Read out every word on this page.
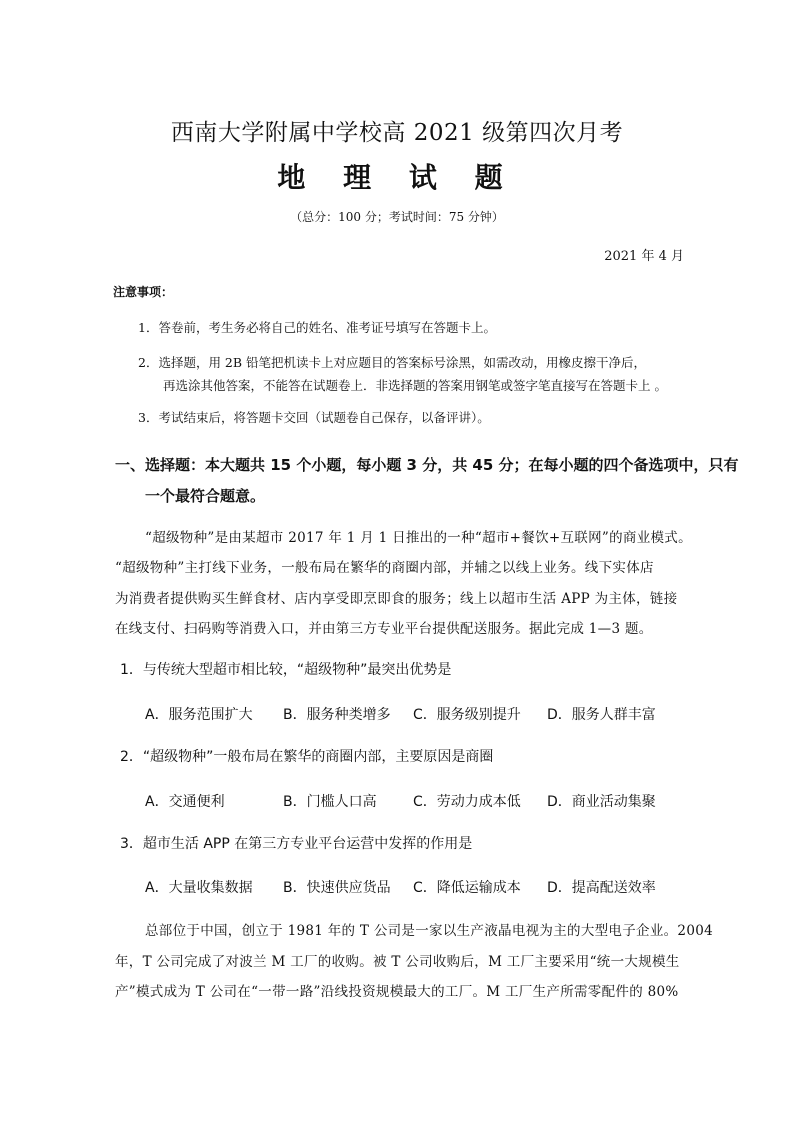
西南大学附属中学校高 2021 级第四次月考
地 理 试 题
（总分：100 分；考试时间：75 分钟）
2021 年 4 月
注意事项：
1．答卷前，考生务必将自己的姓名、准考证号填写在答题卡上。
2．选择题，用 2B 铅笔把机读卡上对应题目的答案标号涂黑，如需改动，用橡皮擦干净后，
再选涂其他答案，不能答在试题卷上．非选择题的答案用钢笔或签字笔直接写在答题卡上 。
3．考试结束后，将答题卡交回（试题卷自己保存，以备评讲）。
一、选择题：本大题共 15 个小题，每小题 3 分，共 45 分；在每小题的四个备选项中，只有
一个最符合题意。
“超级物种”是由某超市 2017 年 1 月 1 日推出的一种“超市+餐饮+互联网”的商业模式。
“超级物种”主打线下业务，一般布局在繁华的商圈内部，并辅之以线上业务。线下实体店
为消费者提供购买生鲜食材、店内享受即烹即食的服务；线上以超市生活 APP 为主体，链接
在线支付、扫码购等消费入口，并由第三方专业平台提供配送服务。据此完成 1—3 题。
1．与传统大型超市相比较，“超级物种”最突出优势是
A．服务范围扩大 B．服务种类增多 C．服务级别提升 D．服务人群丰富
2．“超级物种”一般布局在繁华的商圈内部，主要原因是商圈
A．交通便利	B．门槛人口高	C．劳动力成本低 D．商业活动集聚
3．超市生活 APP 在第三方专业平台运营中发挥的作用是
A．大量收集数据 B．快速供应货品 C．降低运输成本 D．提高配送效率
总部位于中国，创立于 1981 年的 T 公司是一家以生产液晶电视为主的大型电子企业。2004
年，T 公司完成了对波兰 M 工厂的收购。被 T 公司收购后，M 工厂主要采用“统一大规模生
产”模式成为 T 公司在“一带一路”沿线投资规模最大的工厂。M 工厂生产所需零配件的 80%
